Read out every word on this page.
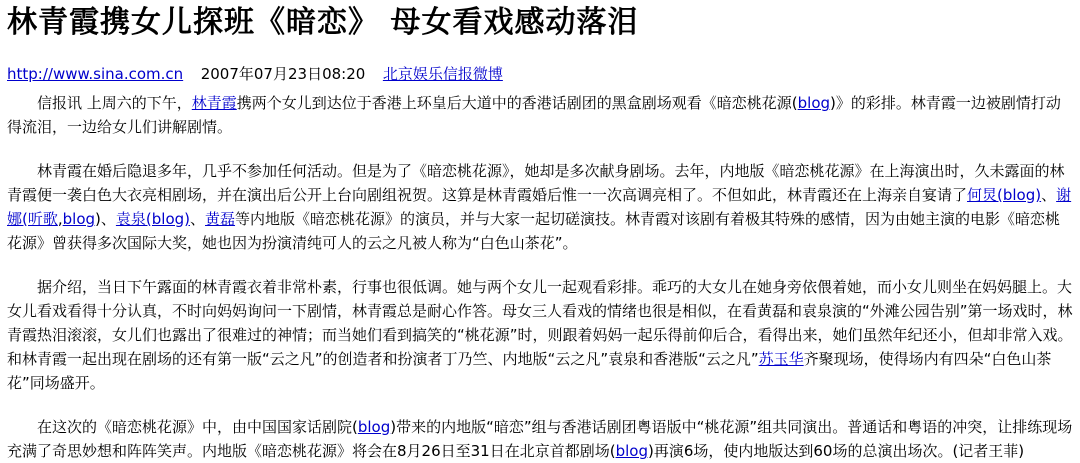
林青霞携女儿探班《暗恋》 母女看戏感动落泪
http://www.sina.com.cn 2007年07月23日08:20 北京娱乐信报微博

信报讯 上周六的下午，林青霞携两个女儿到达位于香港上环皇后大道中的香港话剧团的黑盒剧场观看《暗恋桃花源(blog)》的彩排。林青霞一边被剧情打动得流泪，一边给女儿们讲解剧情。

林青霞在婚后隐退多年，几乎不参加任何活动。但是为了《暗恋桃花源》，她却是多次献身剧场。去年，内地版《暗恋桃花源》在上海演出时，久未露面的林青霞便一袭白色大衣亮相剧场，并在演出后公开上台向剧组祝贺。这算是林青霞婚后惟一一次高调亮相了。不但如此，林青霞还在上海亲自宴请了何炅(blog)、谢娜(听歌,blog)、袁泉(blog)、黄磊等内地版《暗恋桃花源》的演员，并与大家一起切磋演技。林青霞对该剧有着极其特殊的感情，因为由她主演的电影《暗恋桃花源》曾获得多次国际大奖，她也因为扮演清纯可人的云之凡被人称为“白色山茶花”。

据介绍，当日下午露面的林青霞衣着非常朴素，行事也很低调。她与两个女儿一起观看彩排。乖巧的大女儿在她身旁依偎着她，而小女儿则坐在妈妈腿上。大女儿看戏看得十分认真，不时向妈妈询问一下剧情，林青霞总是耐心作答。母女三人看戏的情绪也很是相似，在看黄磊和袁泉演的“外滩公园告别”第一场戏时，林青霞热泪滚滚，女儿们也露出了很难过的神情；而当她们看到搞笑的“桃花源”时，则跟着妈妈一起乐得前仰后合，看得出来，她们虽然年纪还小，但却非常入戏。和林青霞一起出现在剧场的还有第一版“云之凡”的创造者和扮演者丁乃竺、内地版“云之凡”袁泉和香港版“云之凡”苏玉华齐聚现场，使得场内有四朵“白色山茶花”同场盛开。

在这次的《暗恋桃花源》中，由中国国家话剧院(blog)带来的内地版“暗恋”组与香港话剧团粤语版中“桃花源”组共同演出。普通话和粤语的冲突，让排练现场充满了奇思妙想和阵阵笑声。内地版《暗恋桃花源》将会在8月26日至31日在北京首都剧场(blog)再演6场，使内地版达到60场的总演出场次。(记者王菲)
